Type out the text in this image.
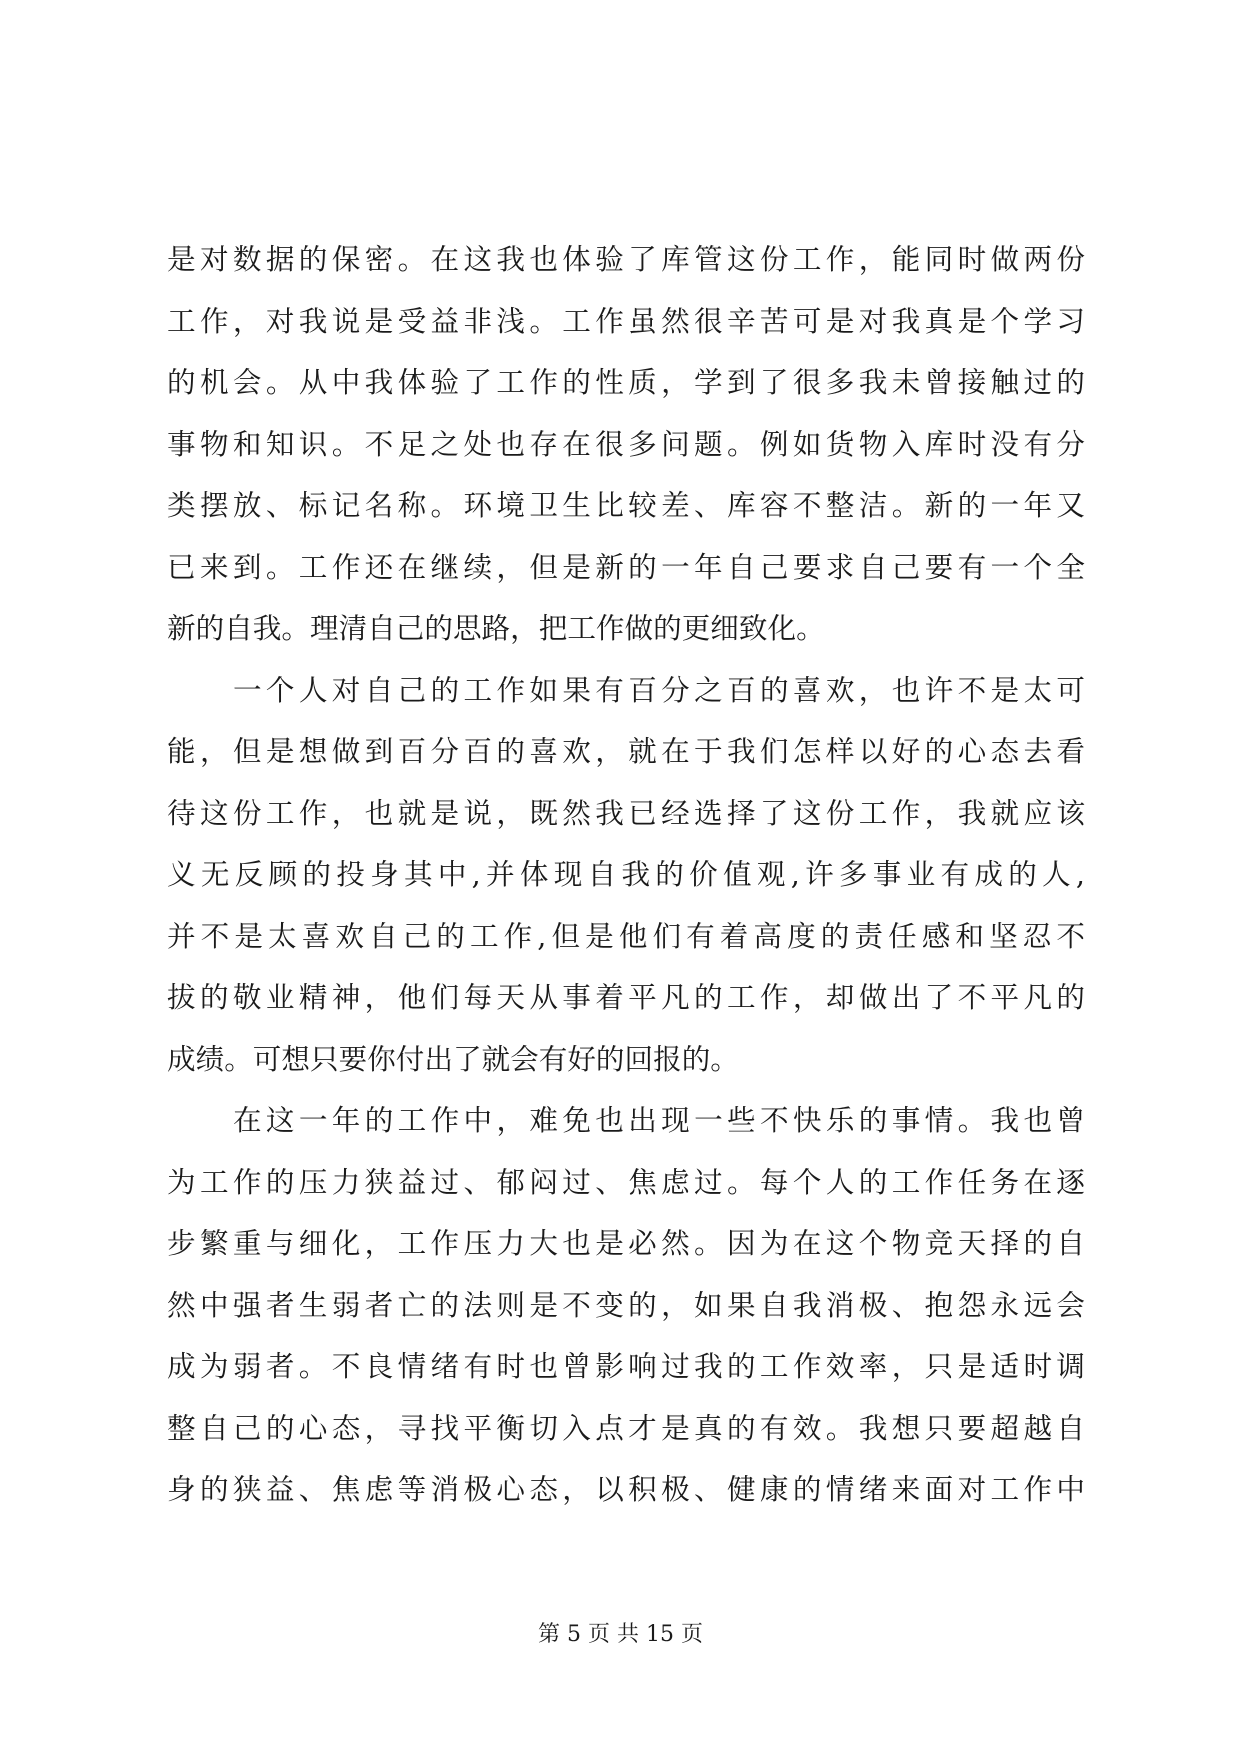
是对数据的保密。在这我也体验了库管这份工作，能同时做两份
工作，对我说是受益非浅。工作虽然很辛苦可是对我真是个学习
的机会。从中我体验了工作的性质，学到了很多我未曾接触过的
事物和知识。不足之处也存在很多问题。例如货物入库时没有分
类摆放、标记名称。环境卫生比较差、库容不整洁。新的一年又
已来到。工作还在继续，但是新的一年自己要求自己要有一个全
新的自我。理清自己的思路，把工作做的更细致化。
一个人对自己的工作如果有百分之百的喜欢，也许不是太可
能，但是想做到百分百的喜欢，就在于我们怎样以好的心态去看
待这份工作，也就是说，既然我已经选择了这份工作，我就应该
义无反顾的投身其中,并体现自我的价值观,许多事业有成的人,
并不是太喜欢自己的工作,但是他们有着高度的责任感和坚忍不
拔的敬业精神，他们每天从事着平凡的工作，却做出了不平凡的
成绩。可想只要你付出了就会有好的回报的。
在这一年的工作中，难免也出现一些不快乐的事情。我也曾
为工作的压力狭益过、郁闷过、焦虑过。每个人的工作任务在逐
步繁重与细化，工作压力大也是必然。因为在这个物竞天择的自
然中强者生弱者亡的法则是不变的，如果自我消极、抱怨永远会
成为弱者。不良情绪有时也曾影响过我的工作效率，只是适时调
整自己的心态，寻找平衡切入点才是真的有效。我想只要超越自
身的狭益、焦虑等消极心态，以积极、健康的情绪来面对工作中
第 5 页 共 15 页
